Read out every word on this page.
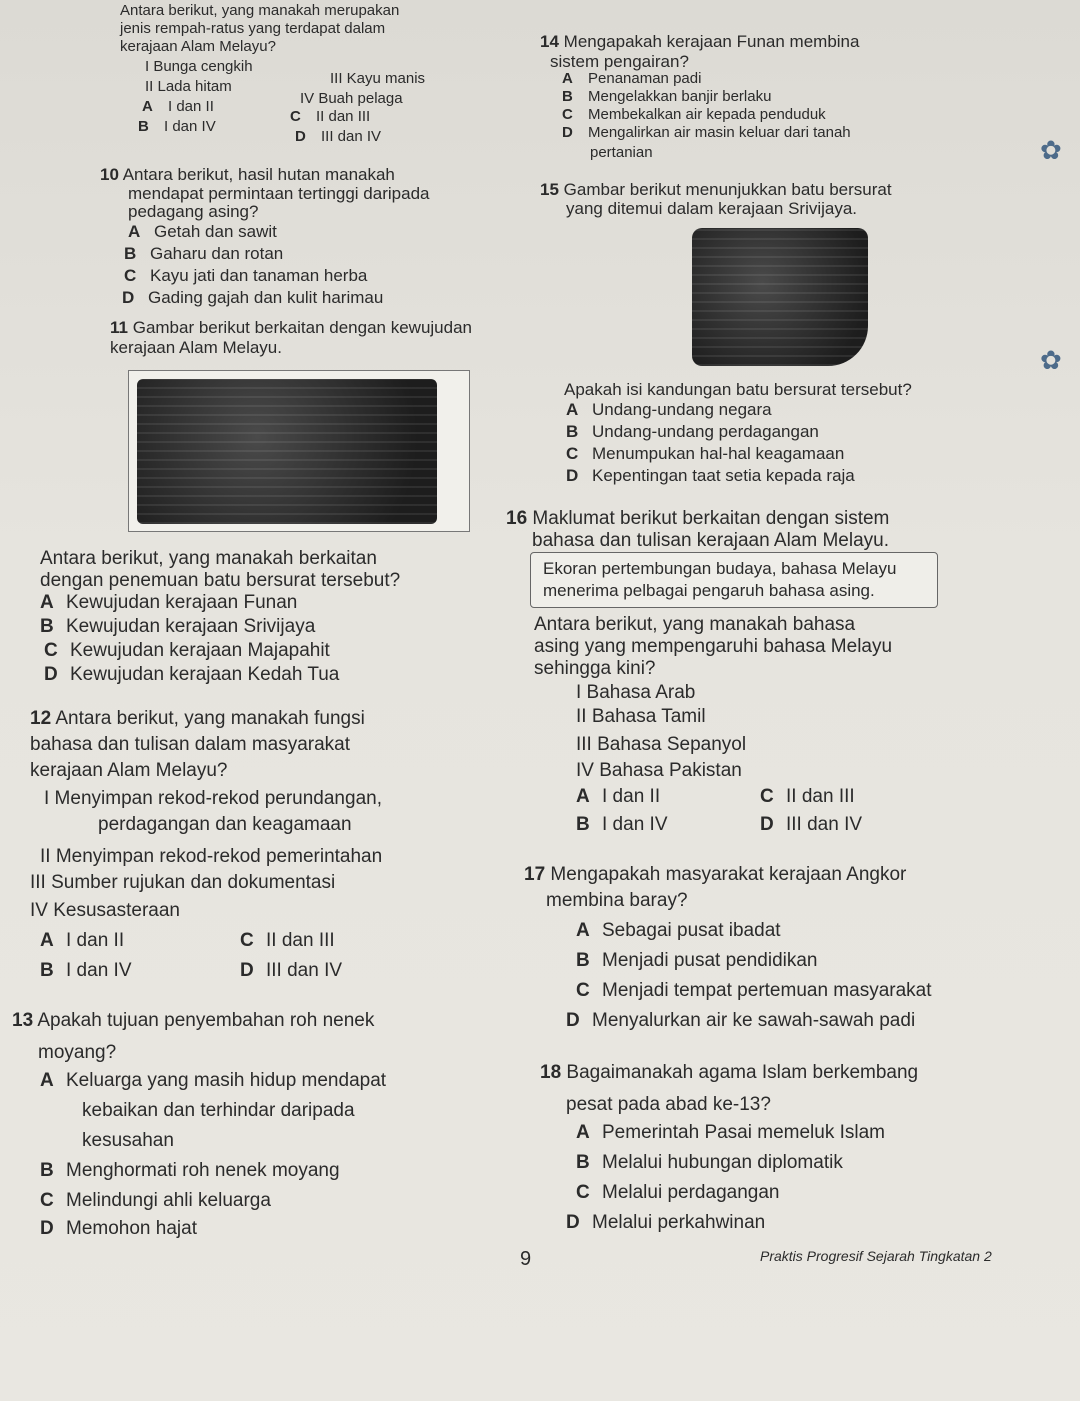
Antara berikut, yang manakah merupakan
jenis rempah-ratus yang terdapat dalam
kerajaan Alam Melayu?
I Bunga cengkih
III Kayu manis
II Lada hitam
IV Buah pelaga
A I dan II
C II dan III
B I dan IV
D III dan IV
10 Antara berikut, hasil hutan manakah
mendapat permintaan tertinggi daripada
pedagang asing?
A Getah dan sawit
B Gaharu dan rotan
C Kayu jati dan tanaman herba
D Gading gajah dan kulit harimau
11 Gambar berikut berkaitan dengan kewujudan
kerajaan Alam Melayu.
Antara berikut, yang manakah berkaitan
dengan penemuan batu bersurat tersebut?
A Kewujudan kerajaan Funan
B Kewujudan kerajaan Srivijaya
C Kewujudan kerajaan Majapahit
D Kewujudan kerajaan Kedah Tua
12 Antara berikut, yang manakah fungsi
bahasa dan tulisan dalam masyarakat
kerajaan Alam Melayu?
I Menyimpan rekod-rekod perundangan,
perdagangan dan keagamaan
II Menyimpan rekod-rekod pemerintahan
III Sumber rujukan dan dokumentasi
IV Kesusasteraan
A I dan II	C II dan III
B I dan IV	D III dan IV
13 Apakah tujuan penyembahan roh nenek
moyang?
A Keluarga yang masih hidup mendapat
kebaikan dan terhindar daripada
kesusahan
B Menghormati roh nenek moyang
C Melindungi ahli keluarga
D Memohon hajat
14 Mengapakah kerajaan Funan membina
sistem pengairan?
A Penanaman padi
B Mengelakkan banjir berlaku
C Membekalkan air kepada penduduk
D Mengalirkan air masin keluar dari tanah
pertanian
15 Gambar berikut menunjukkan batu bersurat
yang ditemui dalam kerajaan Srivijaya.
Apakah isi kandungan batu bersurat tersebut?
A Undang-undang negara
B Undang-undang perdagangan
C Menumpukan hal-hal keagamaan
D Kepentingan taat setia kepada raja
16 Maklumat berikut berkaitan dengan sistem
bahasa dan tulisan kerajaan Alam Melayu.
Ekoran pertembungan budaya, bahasa Melayu
menerima pelbagai pengaruh bahasa asing.
Antara berikut, yang manakah bahasa
asing yang mempengaruhi bahasa Melayu
sehingga kini?
I Bahasa Arab
II Bahasa Tamil
III Bahasa Sepanyol
IV Bahasa Pakistan
A I dan II	C II dan III
B I dan IV	D III dan IV
17 Mengapakah masyarakat kerajaan Angkor
membina baray?
A Sebagai pusat ibadat
B Menjadi pusat pendidikan
C Menjadi tempat pertemuan masyarakat
D Menyalurkan air ke sawah-sawah padi
18 Bagaimanakah agama Islam berkembang
pesat pada abad ke-13?
A Pemerintah Pasai memeluk Islam
B Melalui hubungan diplomatik
C Melalui perdagangan
D Melalui perkahwinan
✿
✿
9	Praktis Progresif Sejarah Tingkatan 2
